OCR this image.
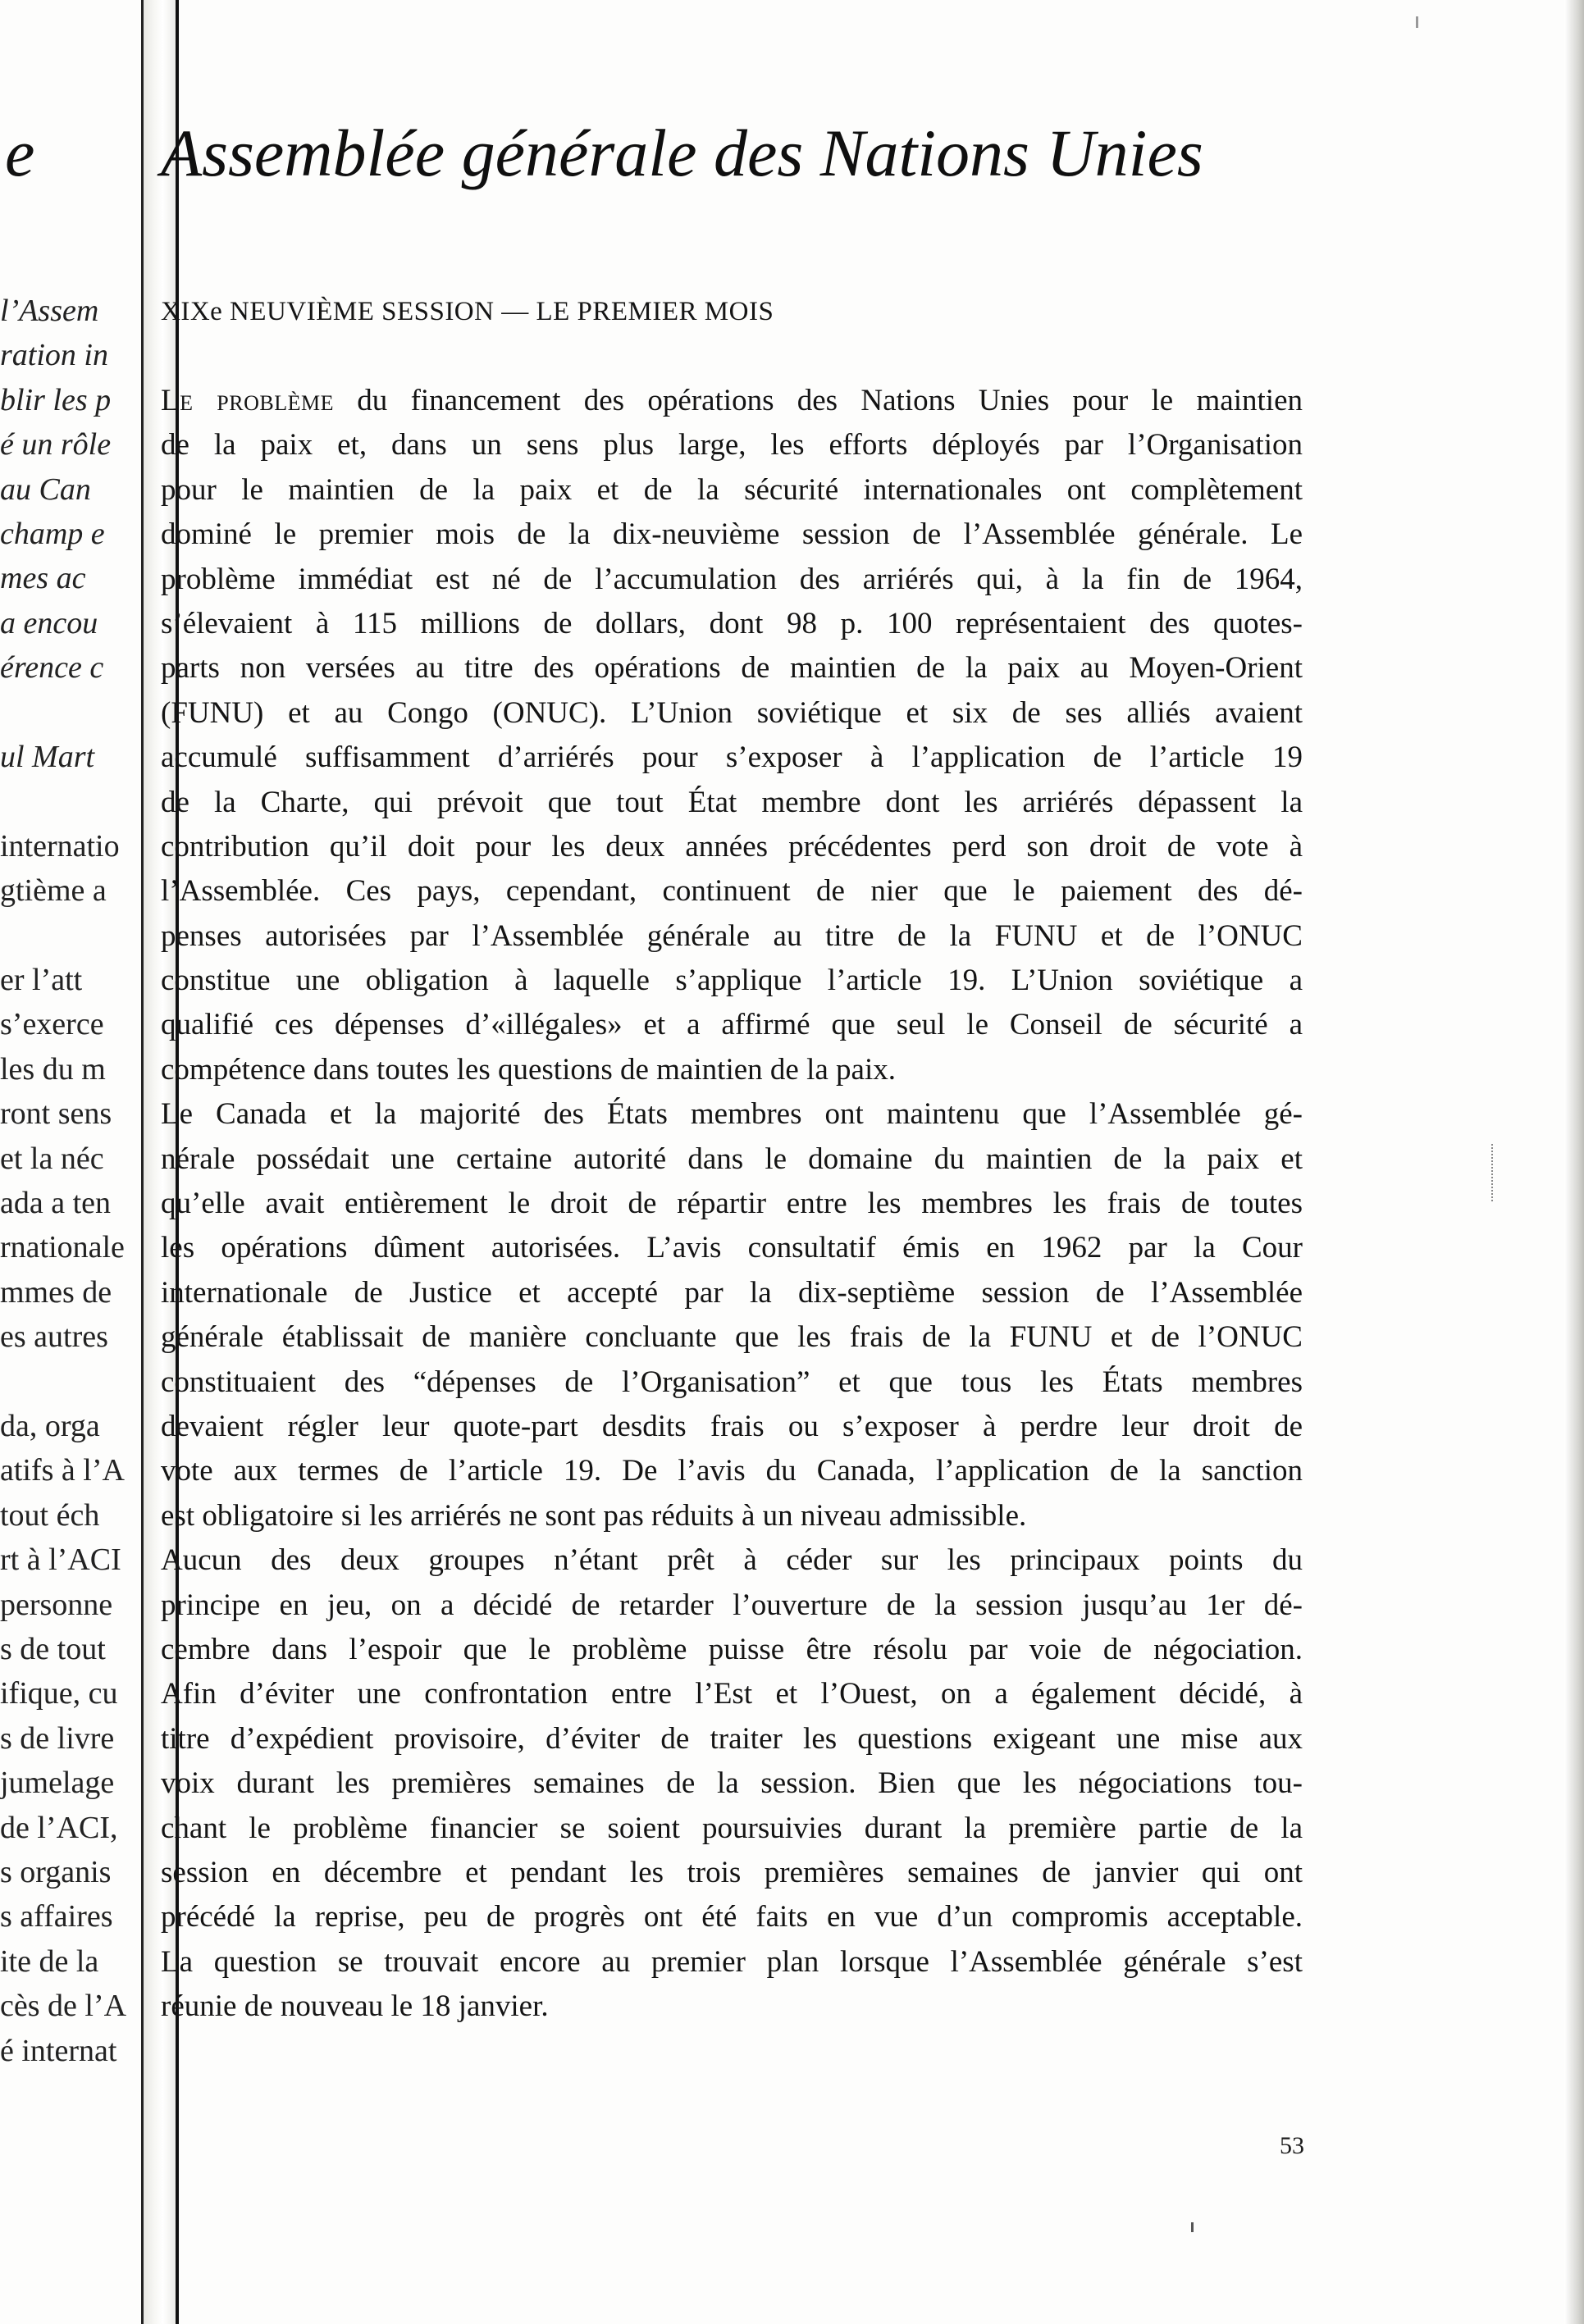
e
l’Assem
ration in
blir les p
é un rôle
au Can
champ e
mes ac
a encou
érence c
ul Mart
internatio
gtième a
er l’att
s’exerce
les du m
ront sens
et la néc
ada a ten
rnationale
mmes de
es autres
da, orga
atifs à l’A
tout éch
rt à l’ACI
personne
s de tout
ifique, cu
s de livre
jumelage
de l’ACI,
s organis
s affaires
ite de la
cès de l’A
é internat
Assemblée générale des Nations Unies
XIXe NEUVIÈME SESSION — LE PREMIER MOIS
Le problème du financement des opérations des Nations Unies pour le maintien
de la paix et, dans un sens plus large, les efforts déployés par l’Organisation
pour le maintien de la paix et de la sécurité internationales ont complètement
dominé le premier mois de la dix-neuvième session de l’Assemblée générale. Le
problème immédiat est né de l’accumulation des arriérés qui, à la fin de 1964,
s’élevaient à 115 millions de dollars, dont 98 p. 100 représentaient des quotes-
parts non versées au titre des opérations de maintien de la paix au Moyen-Orient
(FUNU) et au Congo (ONUC). L’Union soviétique et six de ses alliés avaient
accumulé suffisamment d’arriérés pour s’exposer à l’application de l’article 19
de la Charte, qui prévoit que tout État membre dont les arriérés dépassent la
contribution qu’il doit pour les deux années précédentes perd son droit de vote à
l’Assemblée. Ces pays, cependant, continuent de nier que le paiement des dé-
penses autorisées par l’Assemblée générale au titre de la FUNU et de l’ONUC
constitue une obligation à laquelle s’applique l’article 19. L’Union soviétique a
qualifié ces dépenses d’«illégales» et a affirmé que seul le Conseil de sécurité a
compétence dans toutes les questions de maintien de la paix.
Le Canada et la majorité des États membres ont maintenu que l’Assemblée gé-
nérale possédait une certaine autorité dans le domaine du maintien de la paix et
qu’elle avait entièrement le droit de répartir entre les membres les frais de toutes
les opérations dûment autorisées. L’avis consultatif émis en 1962 par la Cour
internationale de Justice et accepté par la dix-septième session de l’Assemblée
générale établissait de manière concluante que les frais de la FUNU et de l’ONUC
constituaient des “dépenses de l’Organisation” et que tous les États membres
devaient régler leur quote-part desdits frais ou s’exposer à perdre leur droit de
vote aux termes de l’article 19. De l’avis du Canada, l’application de la sanction
est obligatoire si les arriérés ne sont pas réduits à un niveau admissible.
Aucun des deux groupes n’étant prêt à céder sur les principaux points du
principe en jeu, on a décidé de retarder l’ouverture de la session jusqu’au 1er dé-
cembre dans l’espoir que le problème puisse être résolu par voie de négociation.
Afin d’éviter une confrontation entre l’Est et l’Ouest, on a également décidé, à
titre d’expédient provisoire, d’éviter de traiter les questions exigeant une mise aux
voix durant les premières semaines de la session. Bien que les négociations tou-
chant le problème financier se soient poursuivies durant la première partie de la
session en décembre et pendant les trois premières semaines de janvier qui ont
précédé la reprise, peu de progrès ont été faits en vue d’un compromis acceptable.
La question se trouvait encore au premier plan lorsque l’Assemblée générale s’est
réunie de nouveau le 18 janvier.
53
